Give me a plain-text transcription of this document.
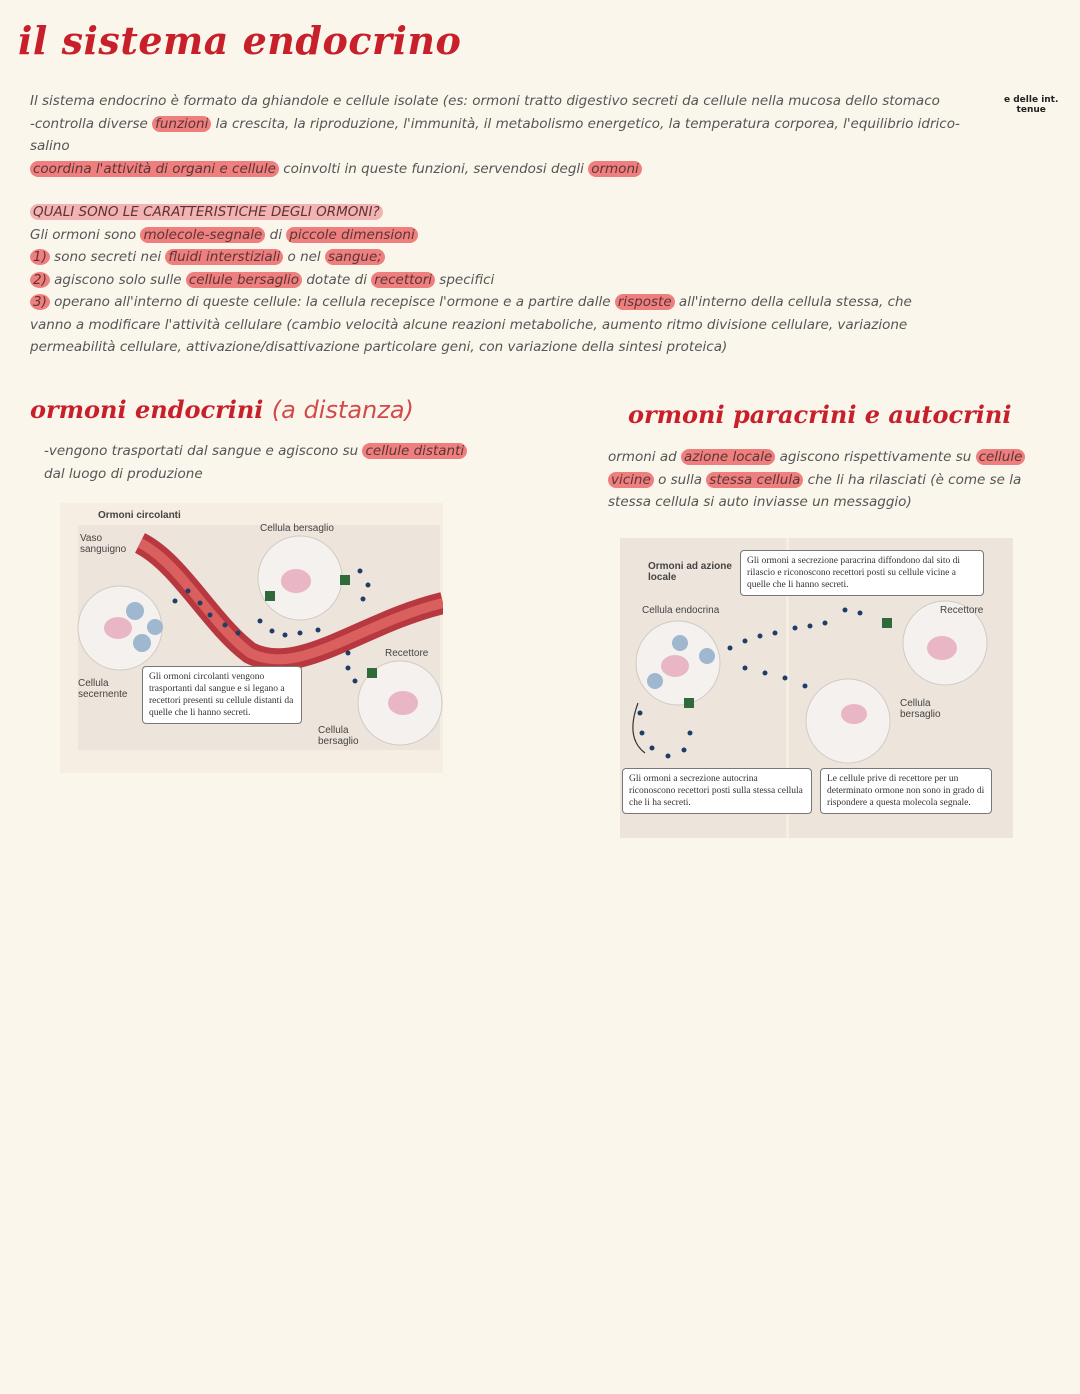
il sistema endocrino
Il sistema endocrino è formato da ghiandole e cellule isolate (es: ormoni tratto digestivo secreti da cellule nella mucosa dello stomaco
-controlla diverse funzioni la crescita, la riproduzione, l'immunità, il metabolismo energetico, la temperatura corporea, l'equilibrio idrico-
salino
coordina l'attività di organi e cellule coinvolti in queste funzioni, servendosi degli ormoni
e delle int.
tenue
QUALI SONO LE CARATTERISTICHE DEGLI ORMONI?
Gli ormoni sono molecole-segnale di piccole dimensioni
1) sono secreti nei fluidi interstiziali o nel sangue;
2) agiscono solo sulle cellule bersaglio dotate di recettori specifici
3) operano all'interno di queste cellule: la cellula recepisce l'ormone e a partire dalle risposte all'interno della cellula stessa, che
vanno a modificare l'attività cellulare (cambio velocità alcune reazioni metaboliche, aumento ritmo divisione cellulare, variazione
permeabilità cellulare, attivazione/disattivazione particolare geni, con variazione della sintesi proteica)
ormoni endocrini (a distanza)
-vengono trasportati dal sangue e agiscono su cellule distanti
dal luogo di produzione
Ormoni circolanti
Vaso sanguigno
Cellula bersaglio
Cellula secernente
Recettore
Cellula bersaglio
Gli ormoni circolanti vengono trasportanti dal sangue e si legano a recettori presenti su cellule distanti da quelle che li hanno secreti.
ormoni paracrini e autocrini
ormoni ad azione locale agiscono rispettivamente su cellule
vicine o sulla stessa cellula che li ha rilasciati (è come se la
stessa cellula si auto inviasse un messaggio)
Ormoni ad azione locale
Cellula endocrina	Recettore
Cellula bersaglio
Gli ormoni a secrezione paracrina diffondono dal sito di rilascio e riconoscono recettori posti su cellule vicine a quelle che li hanno secreti.
Gli ormoni a secrezione autocrina riconoscono recettori posti sulla stessa cellula che li ha secreti.
Le cellule prive di recettore per un determinato ormone non sono in grado di rispondere a questa molecola segnale.
